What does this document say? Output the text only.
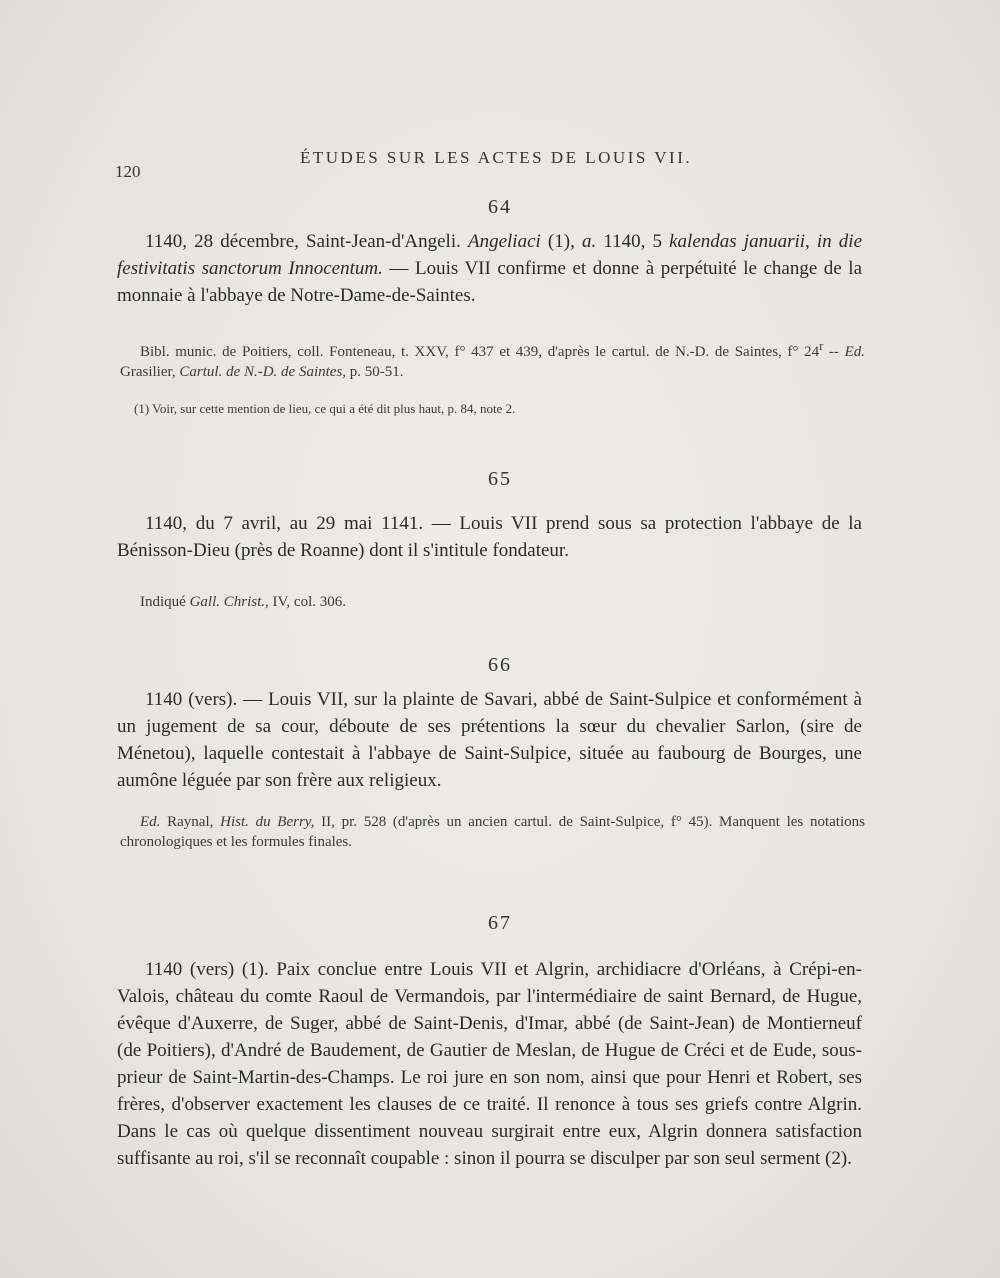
120
ÉTUDES SUR LES ACTES DE LOUIS VII.
64

1140, 28 décembre, Saint-Jean-d'Angeli. Angeliaci (1), a. 1140, 5 kalendas januarii, in die festivitatis sanctorum Innocentum. — Louis VII confirme et donne à perpétuité le change de la monnaie à l'abbaye de Notre-Dame-de-Saintes.

Bibl. munic. de Poitiers, coll. Fonteneau, t. XXV, f° 437 et 439, d'après le cartul. de N.-D. de Saintes, f° 24$^r$ -- Ed. Grasilier, Cartul. de N.-D. de Saintes, p. 50-51.

(1) Voir, sur cette mention de lieu, ce qui a été dit plus haut, p. 84, note 2.

65

1140, du 7 avril, au 29 mai 1141. — Louis VII prend sous sa protection l'abbaye de la Bénisson-Dieu (près de Roanne) dont il s'intitule fondateur.

Indiqué Gall. Christ., IV, col. 306.

66

1140 (vers). — Louis VII, sur la plainte de Savari, abbé de Saint-Sulpice et conformément à un jugement de sa cour, déboute de ses prétentions la sœur du chevalier Sarlon, (sire de Ménetou), laquelle contestait à l'abbaye de Saint-Sulpice, située au faubourg de Bourges, une aumône léguée par son frère aux religieux.

Ed. Raynal, Hist. du Berry, II, pr. 528 (d'après un ancien cartul. de Saint-Sulpice, f° 45). Manquent les notations chronologiques et les formules finales.

67

1140 (vers) (1). Paix conclue entre Louis VII et Algrin, archidiacre d'Orléans, à Crépi-en-Valois, château du comte Raoul de Vermandois, par l'intermédiaire de saint Bernard, de Hugue, évêque d'Auxerre, de Suger, abbé de Saint-Denis, d'Imar, abbé (de Saint-Jean) de Montierneuf (de Poitiers), d'André de Baudement, de Gautier de Meslan, de Hugue de Créci et de Eude, sous-prieur de Saint-Martin-des-Champs. Le roi jure en son nom, ainsi que pour Henri et Robert, ses frères, d'observer exactement les clauses de ce traité. Il renonce à tous ses griefs contre Algrin. Dans le cas où quelque dissentiment nouveau surgirait entre eux, Algrin donnera satisfaction suffisante au roi, s'il se reconnaît coupable : sinon il pourra se disculper par son seul serment (2).
